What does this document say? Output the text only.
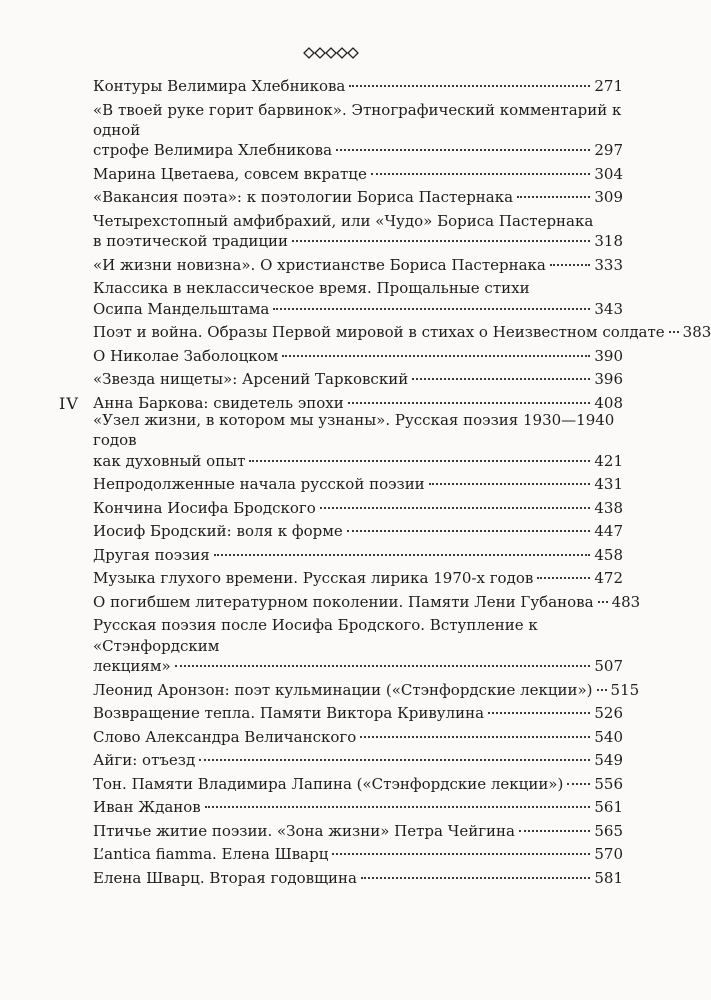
Контуры Велимира Хлебникова	271
«В твоей руке горит барвинок». Этнографический комментарий к одной
строфе Велимира Хлебникова	297
Марина Цветаева, совсем вкратце	304
«Вакансия поэта»: к поэтологии Бориса Пастернака	309
Четырехстопный амфибрахий, или «Чудо» Бориса Пастернака
в поэтической традиции	318
«И жизни новизна». О христианстве Бориса Пастернака	333
Классика в неклассическое время. Прощальные стихи
Осипа Мандельштама	343
Поэт и война. Образы Первой мировой в стихах о Неизвестном солдате 383
О Николае Заболоцком	390
«Звезда нищеты»: Арсений Тарковский	396
Анна Баркова: свидетель эпохи	408
IV
«Узел жизни, в котором мы узнаны». Русская поэзия 1930—1940 годов
как духовный опыт	421
Непродолженные начала русской поэзии	431
Кончина Иосифа Бродского	438
Иосиф Бродский: воля к форме	447
Другая поэзия	458
Музыка глухого времени. Русская лирика 1970-х годов	472
О погибшем литературном поколении. Памяти Лени Губанова 483
Русская поэзия после Иосифа Бродского. Вступление к «Стэнфордским
лекциям»	507
Леонид Аронзон: поэт кульминации («Стэнфордские лекции») 515
Возвращение тепла. Памяти Виктора Кривулина	526
Слово Александра Величанского	540
Айги: отъезд	549
Тон. Памяти Владимира Лапина («Стэнфордские лекции») 556
Иван Жданов	561
Птичье житие поэзии. «Зона жизни» Петра Чейгина	565
L’antica fiamma. Елена Шварц	570
Елена Шварц. Вторая годовщина	581
